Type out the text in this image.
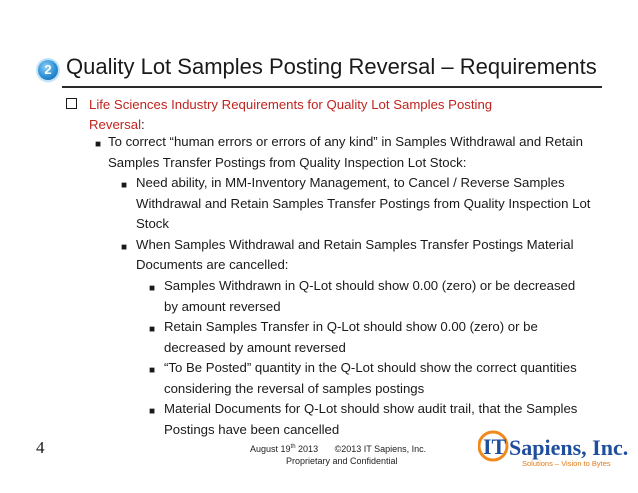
2 Quality Lot Samples Posting Reversal – Requirements
Life Sciences Industry Requirements for Quality Lot Samples Posting
Reversal:
■ To correct “human errors or errors of any kind” in Samples Withdrawal and Retain
Samples Transfer Postings from Quality Inspection Lot Stock:
■ Need ability, in MM-Inventory Management, to Cancel / Reverse Samples
Withdrawal and Retain Samples Transfer Postings from Quality Inspection Lot
Stock
■ When Samples Withdrawal and Retain Samples Transfer Postings Material
Documents are cancelled:
■ Samples Withdrawn in Q-Lot should show 0.00 (zero) or be decreased
by amount reversed
■ Retain Samples Transfer in Q-Lot should show 0.00 (zero) or be
decreased by amount reversed
■ “To Be Posted” quantity in the Q-Lot should show the correct quantities
considering the reversal of samples postings
■ Material Documents for Q-Lot should show audit trail, that the Samples
Postings have been cancelled
4	August 19th 2013 ©2013 IT Sapiens, Inc.
Proprietary and Confidential
IT Sapiens, Inc.
Solutions – Vision to Bytes
